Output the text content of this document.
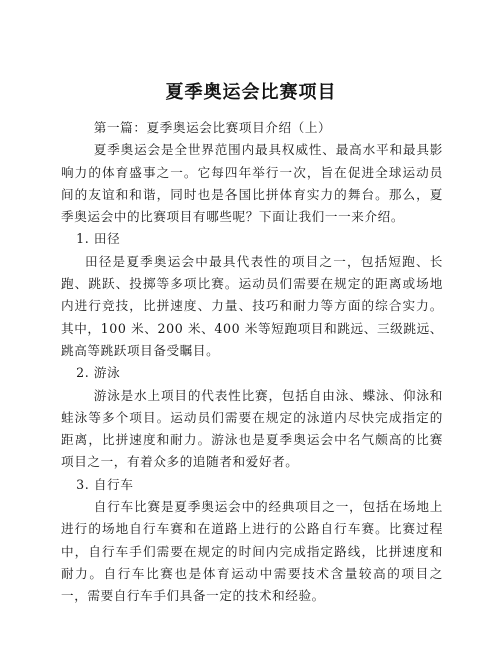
夏季奥运会比赛项目

第一篇：夏季奥运会比赛项目介绍（上）

夏季奥运会是全世界范围内最具权威性、最高水平和最具影响力的体育盛事之一。它每四年举行一次，旨在促进全球运动员间的友谊和和谐，同时也是各国比拼体育实力的舞台。那么，夏季奥运会中的比赛项目有哪些呢？下面让我们一一来介绍。

1. 田径

田径是夏季奥运会中最具代表性的项目之一，包括短跑、长跑、跳跃、投掷等多项比赛。运动员们需要在规定的距离或场地内进行竞技，比拼速度、力量、技巧和耐力等方面的综合实力。其中，100 米、200 米、400 米等短跑项目和跳远、三级跳远、跳高等跳跃项目备受瞩目。

2. 游泳

游泳是水上项目的代表性比赛，包括自由泳、蝶泳、仰泳和蛙泳等多个项目。运动员们需要在规定的泳道内尽快完成指定的距离，比拼速度和耐力。游泳也是夏季奥运会中名气颇高的比赛项目之一，有着众多的追随者和爱好者。

3. 自行车

自行车比赛是夏季奥运会中的经典项目之一，包括在场地上进行的场地自行车赛和在道路上进行的公路自行车赛。比赛过程中，自行车手们需要在规定的时间内完成指定路线，比拼速度和耐力。自行车比赛也是体育运动中需要技术含量较高的项目之一，需要自行车手们具备一定的技术和经验。
